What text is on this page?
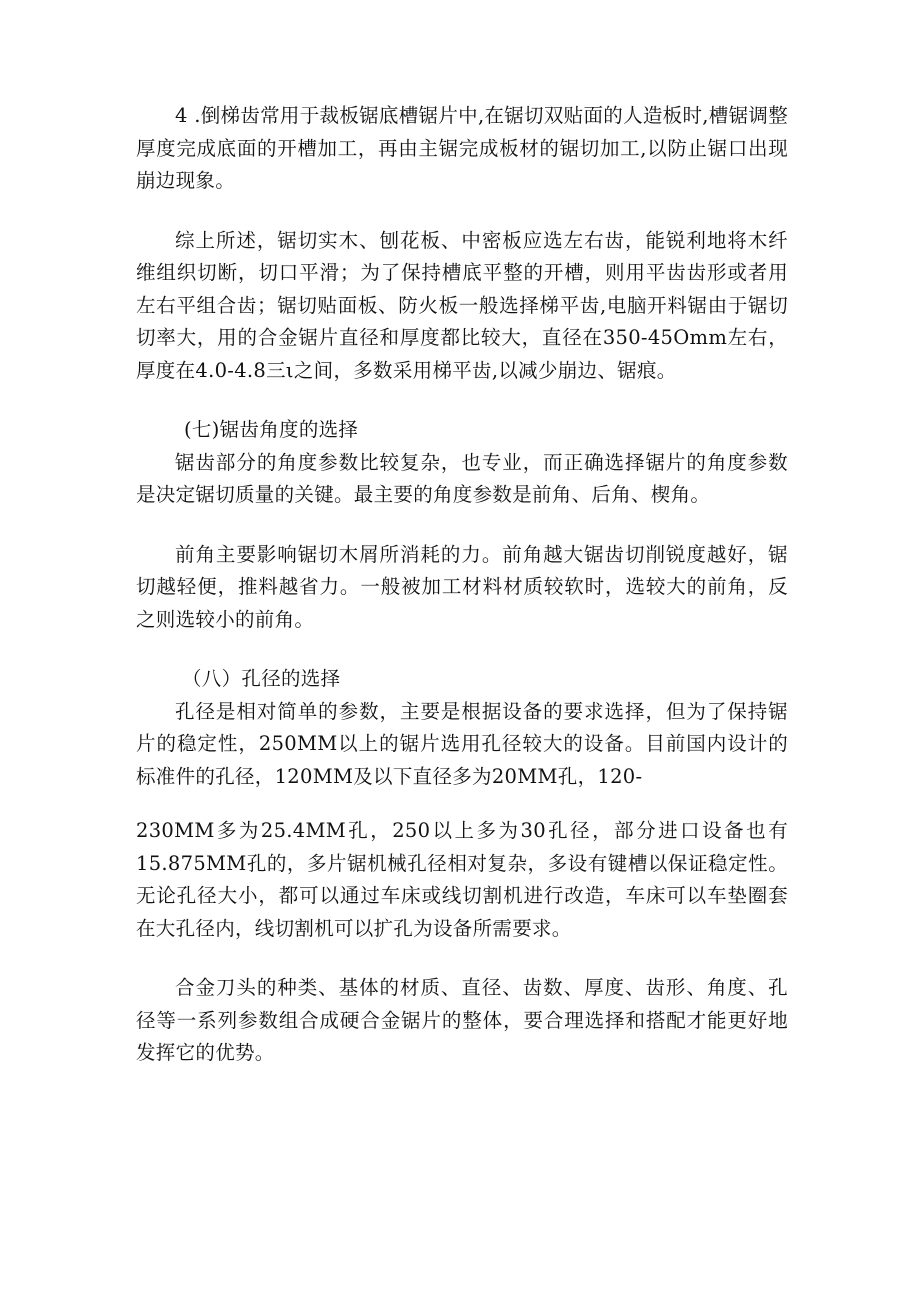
4 .倒梯齿常用于裁板锯底槽锯片中,在锯切双贴面的人造板时,槽锯调整厚度完成底面的开槽加工，再由主锯完成板材的锯切加工,以防止锯口出现崩边现象。

综上所述，锯切实木、刨花板、中密板应选左右齿，能锐利地将木纤维组织切断，切口平滑；为了保持槽底平整的开槽，则用平齿齿形或者用左右平组合齿；锯切贴面板、防火板一般选择梯平齿,电脑开料锯由于锯切切率大，用的合金锯片直径和厚度都比较大，直径在350-45Omm左右，厚度在4.0-4.8三ι之间，多数采用梯平齿,以减少崩边、锯痕。

(七)锯齿角度的选择

锯齿部分的角度参数比较复杂，也专业，而正确选择锯片的角度参数是决定锯切质量的关键。最主要的角度参数是前角、后角、楔角。

前角主要影响锯切木屑所消耗的力。前角越大锯齿切削锐度越好，锯切越轻便，推料越省力。一般被加工材料材质较软时，选较大的前角，反之则选较小的前角。

（八）孔径的选择

孔径是相对简单的参数，主要是根据设备的要求选择，但为了保持锯片的稳定性，250MM以上的锯片选用孔径较大的设备。目前国内设计的标准件的孔径，120MM及以下直径多为20MM孔，120-

230MM多为25.4MM孔，250以上多为30孔径，部分进口设备也有15.875MM孔的，多片锯机械孔径相对复杂，多设有键槽以保证稳定性。无论孔径大小，都可以通过车床或线切割机进行改造，车床可以车垫圈套在大孔径内，线切割机可以扩孔为设备所需要求。

合金刀头的种类、基体的材质、直径、齿数、厚度、齿形、角度、孔径等一系列参数组合成硬合金锯片的整体，要合理选择和搭配才能更好地发挥它的优势。
